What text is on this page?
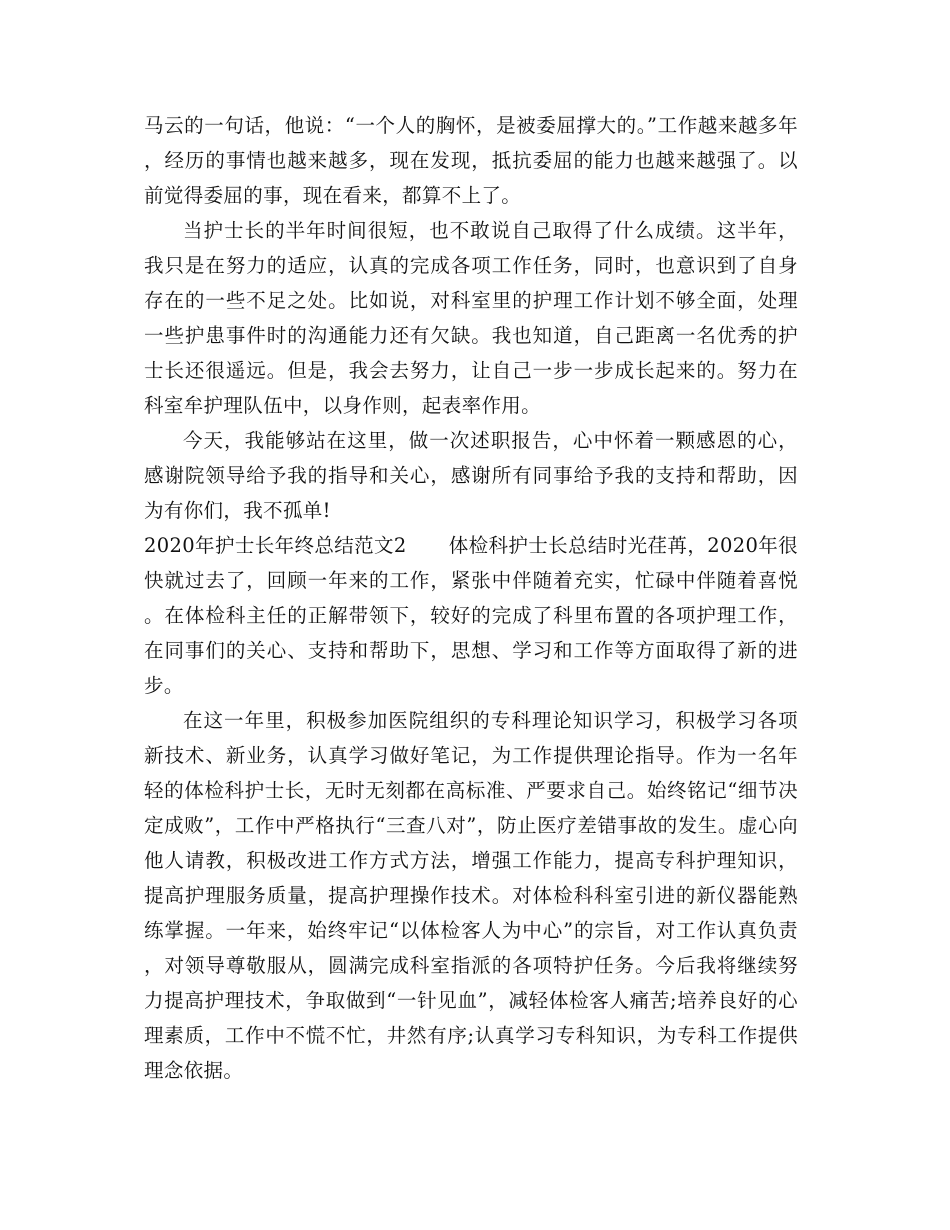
马云的一句话，他说：“一个人的胸怀，是被委屈撑大的。”工作越来越多年，经历的事情也越来越多，现在发现，抵抗委屈的能力也越来越强了。以前觉得委屈的事，现在看来，都算不上了。

当护士长的半年时间很短，也不敢说自己取得了什么成绩。这半年，我只是在努力的适应，认真的完成各项工作任务，同时，也意识到了自身存在的一些不足之处。比如说，对科室里的护理工作计划不够全面，处理一些护患事件时的沟通能力还有欠缺。我也知道，自己距离一名优秀的护士长还很遥远。但是，我会去努力，让自己一步一步成长起来的。努力在科室牟护理队伍中，以身作则，起表率作用。

今天，我能够站在这里，做一次述职报告，心中怀着一颗感恩的心，感谢院领导给予我的指导和关心，感谢所有同事给予我的支持和帮助，因为有你们，我不孤单!

2020年护士长年终总结范文2 体检科护士长总结时光荏苒，2020年很快就过去了，回顾一年来的工作，紧张中伴随着充实，忙碌中伴随着喜悦。在体检科主任的正解带领下，较好的完成了科里布置的各项护理工作，在同事们的关心、支持和帮助下，思想、学习和工作等方面取得了新的进步。

在这一年里，积极参加医院组织的专科理论知识学习，积极学习各项新技术、新业务，认真学习做好笔记，为工作提供理论指导。作为一名年轻的体检科护士长，无时无刻都在高标准、严要求自己。始终铭记“细节决定成败”，工作中严格执行“三查八对”，防止医疗差错事故的发生。虚心向他人请教，积极改进工作方式方法，增强工作能力，提高专科护理知识，提高护理服务质量，提高护理操作技术。对体检科科室引进的新仪器能熟练掌握。一年来，始终牢记“以体检客人为中心”的宗旨，对工作认真负责，对领导尊敬服从，圆满完成科室指派的各项特护任务。今后我将继续努力提高护理技术，争取做到“一针见血”，减轻体检客人痛苦;培养良好的心理素质，工作中不慌不忙，井然有序;认真学习专科知识，为专科工作提供理念依据。
